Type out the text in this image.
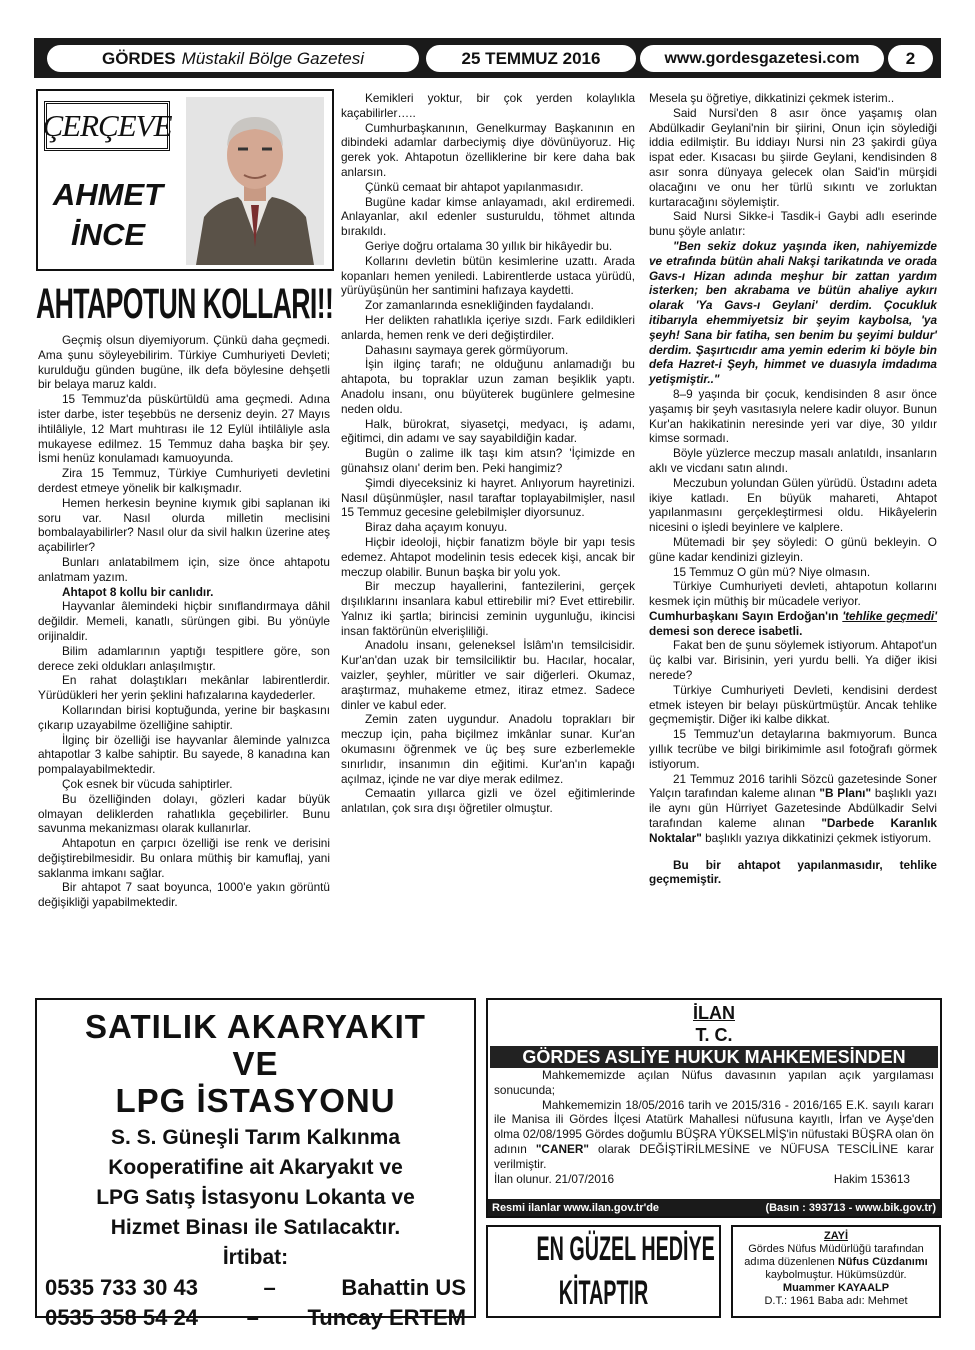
GÖRDES Müstakil Bölge Gazetesi	25 TEMMUZ 2016	www.gordesgazetesi.com	2
ÇERÇEVE
AHMET
İNCE
AHTAPOTUN KOLLARI!!

Geçmiş olsun diyemiyorum. Çünkü daha geçmedi. Ama şunu söyleyebilirim. Türkiye Cumhuriyeti Devleti; kurulduğu günden bugüne, ilk defa böylesine dehşetli bir belaya maruz kaldı.

15 Temmuz'da püskürtüldü ama geçmedi. Adına ister darbe, ister teşebbüs ne derseniz deyin. 27 Mayıs ihtilâliyle, 12 Mart muhtırası ile 12 Eylül ihtilâliyle asla mukayese edilmez. 15 Temmuz daha başka bir şey. İsmi henüz konulamadı kamuoyunda.

Zira 15 Temmuz, Türkiye Cumhuriyeti devletini derdest etmeye yönelik bir kalkışmadır.

Hemen herkesin beynine kıymık gibi saplanan iki soru var. Nasıl olurda milletin meclisini bombalayabilirler? Nasıl olur da sivil halkın üzerine ateş açabilirler?

Bunları anlatabilmem için, size önce ahtapotu anlatmam yazım.

Ahtapot 8 kollu bir canlıdır.

Hayvanlar âlemindeki hiçbir sınıflandırmaya dâhil değildir. Memeli, kanatlı, sürüngen gibi. Bu yönüyle orijinaldir.

Bilim adamlarının yaptığı tespitlere göre, son derece zeki oldukları anlaşılmıştır.

En rahat dolaştıkları mekânlar labirentlerdir. Yürüdükleri her yerin şeklini hafızalarına kaydederler.

Kollarından birisi koptuğunda, yerine bir başkasını çıkarıp uzayabilme özelliğine sahiptir.

İlginç bir özelliği ise hayvanlar âleminde yalnızca ahtapotlar 3 kalbe sahiptir. Bu sayede, 8 kanadına kan pompalayabilmektedir.

Çok esnek bir vücuda sahiptirler.

Bu özelliğinden dolayı, gözleri kadar büyük olmayan deliklerden rahatlıkla geçebilirler. Bunu savunma mekanizması olarak kullanırlar.

Ahtapotun en çarpıcı özelliği ise renk ve derisini değiştirebilmesidir. Bu onlara müthiş bir kamuflaj, yani saklanma imkanı sağlar.

Bir ahtapot 7 saat boyunca, 1000'e yakın görüntü değişikliği yapabilmektedir.

Kemikleri yoktur, bir çok yerden kolaylıkla kaçabilirler…..

Cumhurbaşkanının, Genelkurmay Başkanının en dibindeki adamlar darbeciymiş diye dövünüyoruz. Hiç gerek yok. Ahtapotun özelliklerine bir kere daha bak anlarsın.

Çünkü cemaat bir ahtapot yapılanmasıdır.

Bugüne kadar kimse anlayamadı, akıl erdiremedi. Anlayanlar, akıl edenler susturuldu, töhmet altında bırakıldı.

Geriye doğru ortalama 30 yıllık bir hikâyedir bu.

Kollarını devletin bütün kesimlerine uzattı. Arada kopanları hemen yeniledi. Labirentlerde ustaca yürüdü, yürüyüşünün her santimini hafızaya kaydetti.

Zor zamanlarında esnekliğinden faydalandı.

Her delikten rahatlıkla içeriye sızdı. Fark edildikleri anlarda, hemen renk ve deri değiştirdiler.

Dahasını saymaya gerek görmüyorum.

İşin ilginç tarafı; ne olduğunu anlamadığı bu ahtapota, bu topraklar uzun zaman beşiklik yaptı. Anadolu insanı, onu büyüterek bugünlere gelmesine neden oldu.

Halk, bürokrat, siyasetçi, medyacı, iş adamı, eğitimci, din adamı ve say sayabildiğin kadar.

Bugün o zalime ilk taşı kim atsın? 'İçimizde en günahsız olanı' derim ben. Peki hangimiz?

Şimdi diyeceksiniz ki hayret. Anlıyorum hayretinizi. Nasıl düşünmüşler, nasıl taraftar toplayabilmişler, nasıl 15 Temmuz gecesine gelebilmişler diyorsunuz.

Biraz daha açayım konuyu.

Hiçbir ideoloji, hiçbir fanatizm böyle bir yapı tesis edemez. Ahtapot modelinin tesis edecek kişi, ancak bir meczup olabilir. Bunun başka bir yolu yok.

Bir meczup hayallerini, fantezilerini, gerçek dışılıklarını insanlara kabul ettirebilir mi? Evet ettirebilir. Yalnız iki şartla; birincisi zeminin uygunluğu, ikincisi insan faktörünün elverişliliği.

Anadolu insanı, geleneksel İslâm'ın temsilcisidir. Kur'an'dan uzak bir temsilciliktir bu. Hacılar, hocalar, vaizler, şeyhler, müritler ve sair diğerleri. Okumaz, araştırmaz, muhakeme etmez, itiraz etmez. Sadece dinler ve kabul eder.

Zemin zaten uygundur. Anadolu toprakları bir meczup için, paha biçilmez imkânlar sunar. Kur'an okumasını öğrenmek ve üç beş sure ezberlemekle sınırlıdır, insanımın din eğitimi. Kur'an'ın kapağı açılmaz, içinde ne var diye merak edilmez.

Cemaatin yıllarca gizli ve özel eğitimlerinde anlatılan, çok sıra dışı öğretiler olmuştur.

Mesela şu öğretiye, dikkatinizi çekmek isterim..

Said Nursi'den 8 asır önce yaşamış olan Abdülkadir Geylani'nin bir şiirini, Onun için söylediği iddia edilmiştir. Bu iddiayı Nursi nin 23 şakirdi güya ispat eder. Kısacası bu şiirde Geylani, kendisinden 8 asır sonra dünyaya gelecek olan Said'in mürşidi olacağını ve onu her türlü sıkıntı ve zorluktan kurtaracağını söylemiştir.

Said Nursi Sikke-i Tasdik-i Gaybi adlı eserinde bunu şöyle anlatır:

"Ben sekiz dokuz yaşında iken, nahiyemizde ve etrafında bütün ahali Nakşi tarikatında ve orada Gavs-ı Hizan adında meşhur bir zattan yardım isterken; ben akrabama ve bütün ahaliye aykırı olarak 'Ya Gavs-ı Geylani' derdim. Çocukluk itibarıyla ehemmiyetsiz bir şeyim kaybolsa, 'ya şeyh! Sana bir fatiha, sen benim bu şeyimi buldur' derdim. Şaşırtıcıdır ama yemin ederim ki böyle bin defa Hazret-i Şeyh, himmet ve duasıyla imdadıma yetişmiştir.."

8–9 yaşında bir çocuk, kendisinden 8 asır önce yaşamış bir şeyh vasıtasıyla nelere kadir oluyor. Bunun Kur'an hakikatinin neresinde yeri var diye, 30 yıldır kimse sormadı.

Böyle yüzlerce meczup masalı anlatıldı, insanların aklı ve vicdanı satın alındı.

Meczubun yolundan Gülen yürüdü. Üstadını adeta ikiye katladı. En büyük mahareti, Ahtapot yapılanmasını gerçekleştirmesi oldu. Hikâyelerin nicesini o işledi beyinlere ve kalplere.

Mütemadi bir şey söyledi: O günü bekleyin. O güne kadar kendinizi gizleyin.

15 Temmuz O gün mü? Niye olmasın.

Türkiye Cumhuriyeti devleti, ahtapotun kollarını kesmek için müthiş bir mücadele veriyor.

Cumhurbaşkanı Sayın Erdoğan'ın 'tehlike geçmedi' demesi son derece isabetli.

Fakat ben de şunu söylemek istiyorum. Ahtapot'un üç kalbi var. Birisinin, yeri yurdu belli. Ya diğer ikisi nerede?

Türkiye Cumhuriyeti Devleti, kendisini derdest etmek isteyen bir belayı püskürtmüştür. Ancak tehlike geçmemiştir. Diğer iki kalbe dikkat.

15 Temmuz'un detaylarına bakmıyorum. Bunca yıllık tecrübe ve bilgi birikimimle asıl fotoğrafı görmek istiyorum.

21 Temmuz 2016 tarihli Sözcü gazetesinde Soner Yalçın tarafından kaleme alınan "B Planı" başlıklı yazı ile aynı gün Hürriyet Gazetesinde Abdülkadir Selvi tarafından kaleme alınan "Darbede Karanlık Noktalar" başlıklı yazıya dikkatinizi çekmek istiyorum.

Bu bir ahtapot yapılanmasıdır, tehlike geçmemiştir.

SATILIK AKARYAKIT
VE
LPG İSTASYONU
S. S. Güneşli Tarım Kalkınma
Kooperatifine ait Akaryakıt ve
LPG Satış İstasyonu Lokanta ve
Hizmet Binası ile Satılacaktır.
İrtibat:
0535 733 30 43	–	Bahattin US
0535 358 54 24 – Tuncay ERTEM
İLAN
T. C.
GÖRDES ASLİYE HUKUK MAHKEMESİNDEN

Mahkememizde açılan Nüfus davasının yapılan açık yargılaması sonucunda;

Mahkememizin 18/05/2016 tarih ve 2015/316 - 2016/165 E.K. sayılı kararı ile Manisa ili Gördes İlçesi Atatürk Mahallesi nüfusuna kayıtlı, İrfan ve Ayşe'den olma 02/08/1995 Gördes doğumlu BÜŞRA YÜKSELMİŞ'in nüfustaki BÜŞRA olan ön adının "CANER" olarak DEĞİŞTİRİLMESİNE ve NÜFUSA TESCİLİNE karar verilmiştir.

İlan olunur. 21/07/2016	Hakim 153613
Resmi ilanlar www.ilan.gov.tr'de	(Basın : 393713 - www.bik.gov.tr)
EN GÜZEL HEDİYE
KİTAPTIR
ZAYİ
Gördes Nüfus Müdürlüğü tarafından adıma düzenlenen Nüfus Cüzdanımı kaybolmuştur. Hükümsüzdür.
Muammer KAYAALP
D.T.: 1961 Baba adı: Mehmet
